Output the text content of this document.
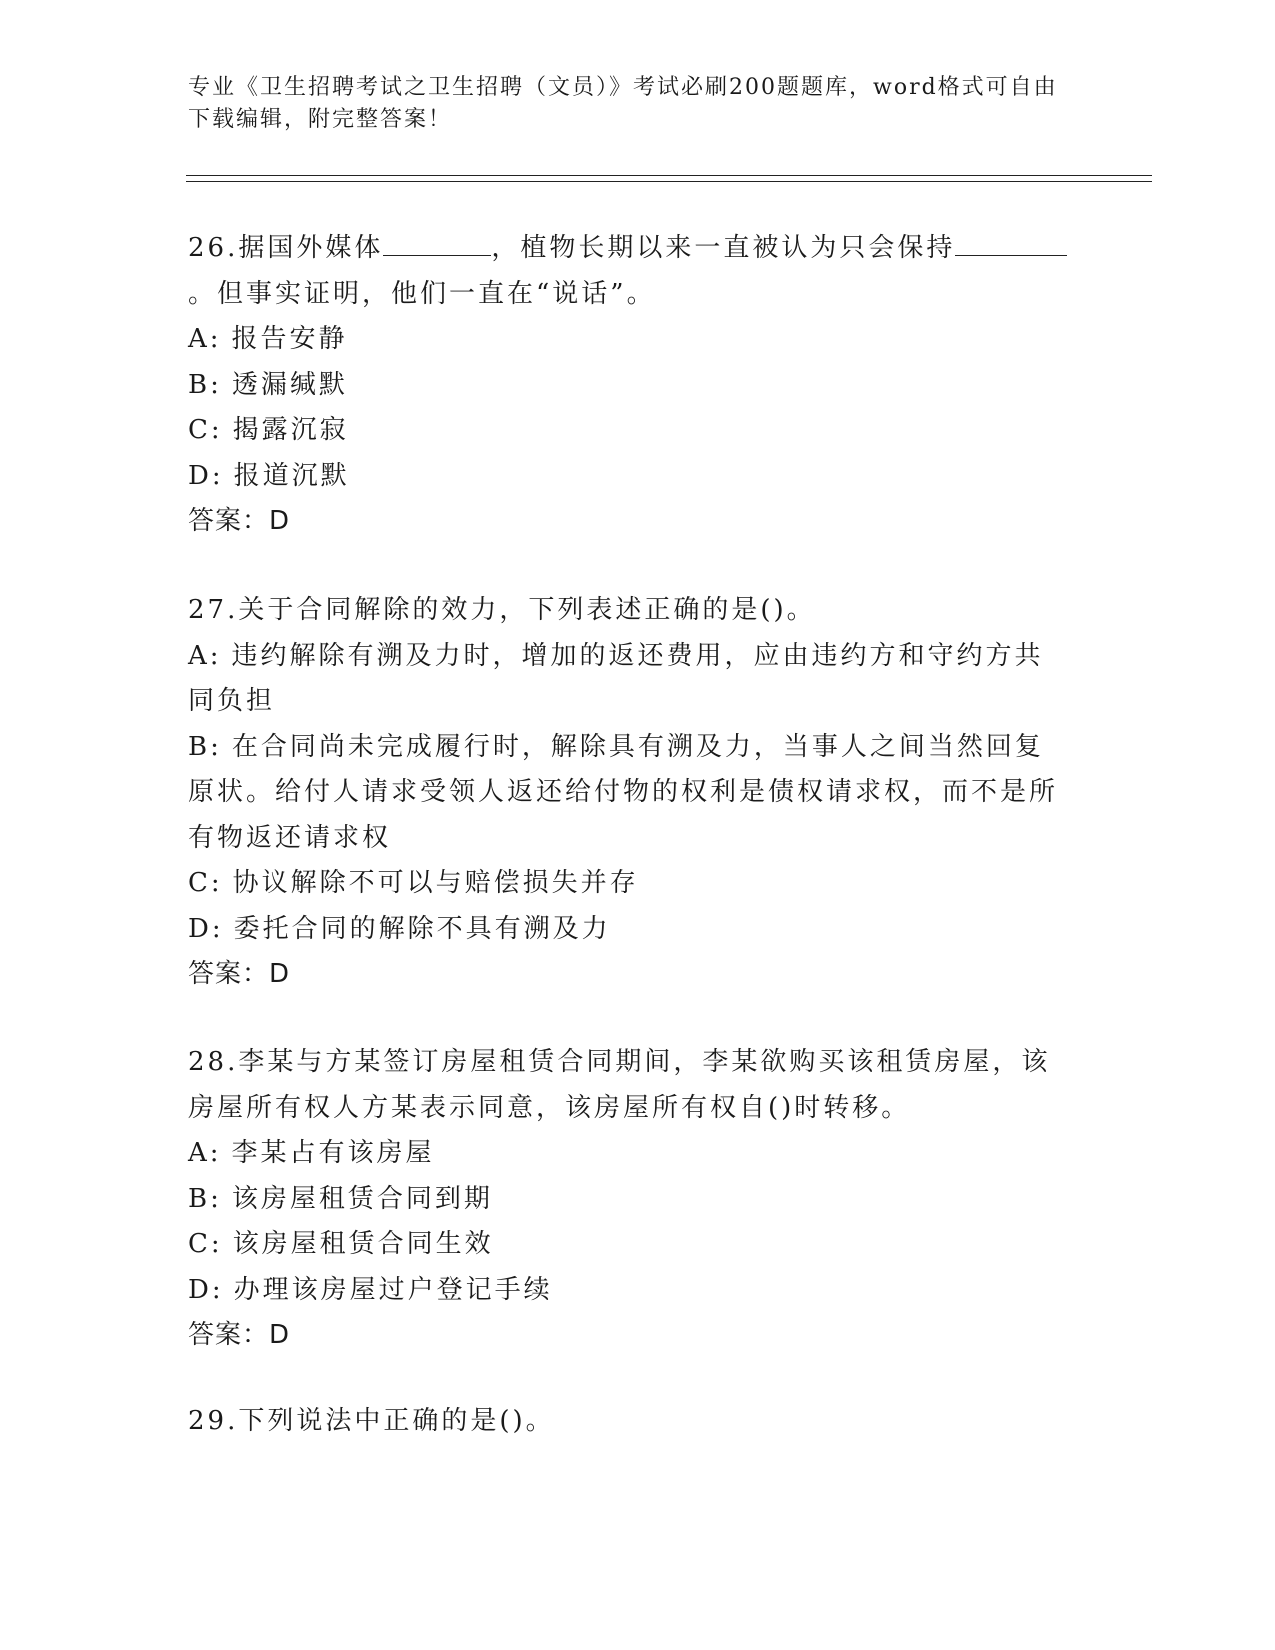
专业《卫生招聘考试之卫生招聘（文员）》考试必刷200题题库，word格式可自由下载编辑，附完整答案！
26.据国外媒体	，植物长期以来一直被认为只会保持。但事实证明，他们一直在“说话”。
A: 报告安静
B: 透漏缄默
C: 揭露沉寂
D: 报道沉默
答案：D
27.关于合同解除的效力，下列表述正确的是()。
A: 违约解除有溯及力时，增加的返还费用，应由违约方和守约方共同负担
B: 在合同尚未完成履行时，解除具有溯及力，当事人之间当然回复原状。给付人请求受领人返还给付物的权利是债权请求权，而不是所有物返还请求权
C: 协议解除不可以与赔偿损失并存
D: 委托合同的解除不具有溯及力
答案：D
28.李某与方某签订房屋租赁合同期间，李某欲购买该租赁房屋，该房屋所有权人方某表示同意，该房屋所有权自()时转移。
A: 李某占有该房屋
B: 该房屋租赁合同到期
C: 该房屋租赁合同生效
D: 办理该房屋过户登记手续
答案：D
29.下列说法中正确的是()。
